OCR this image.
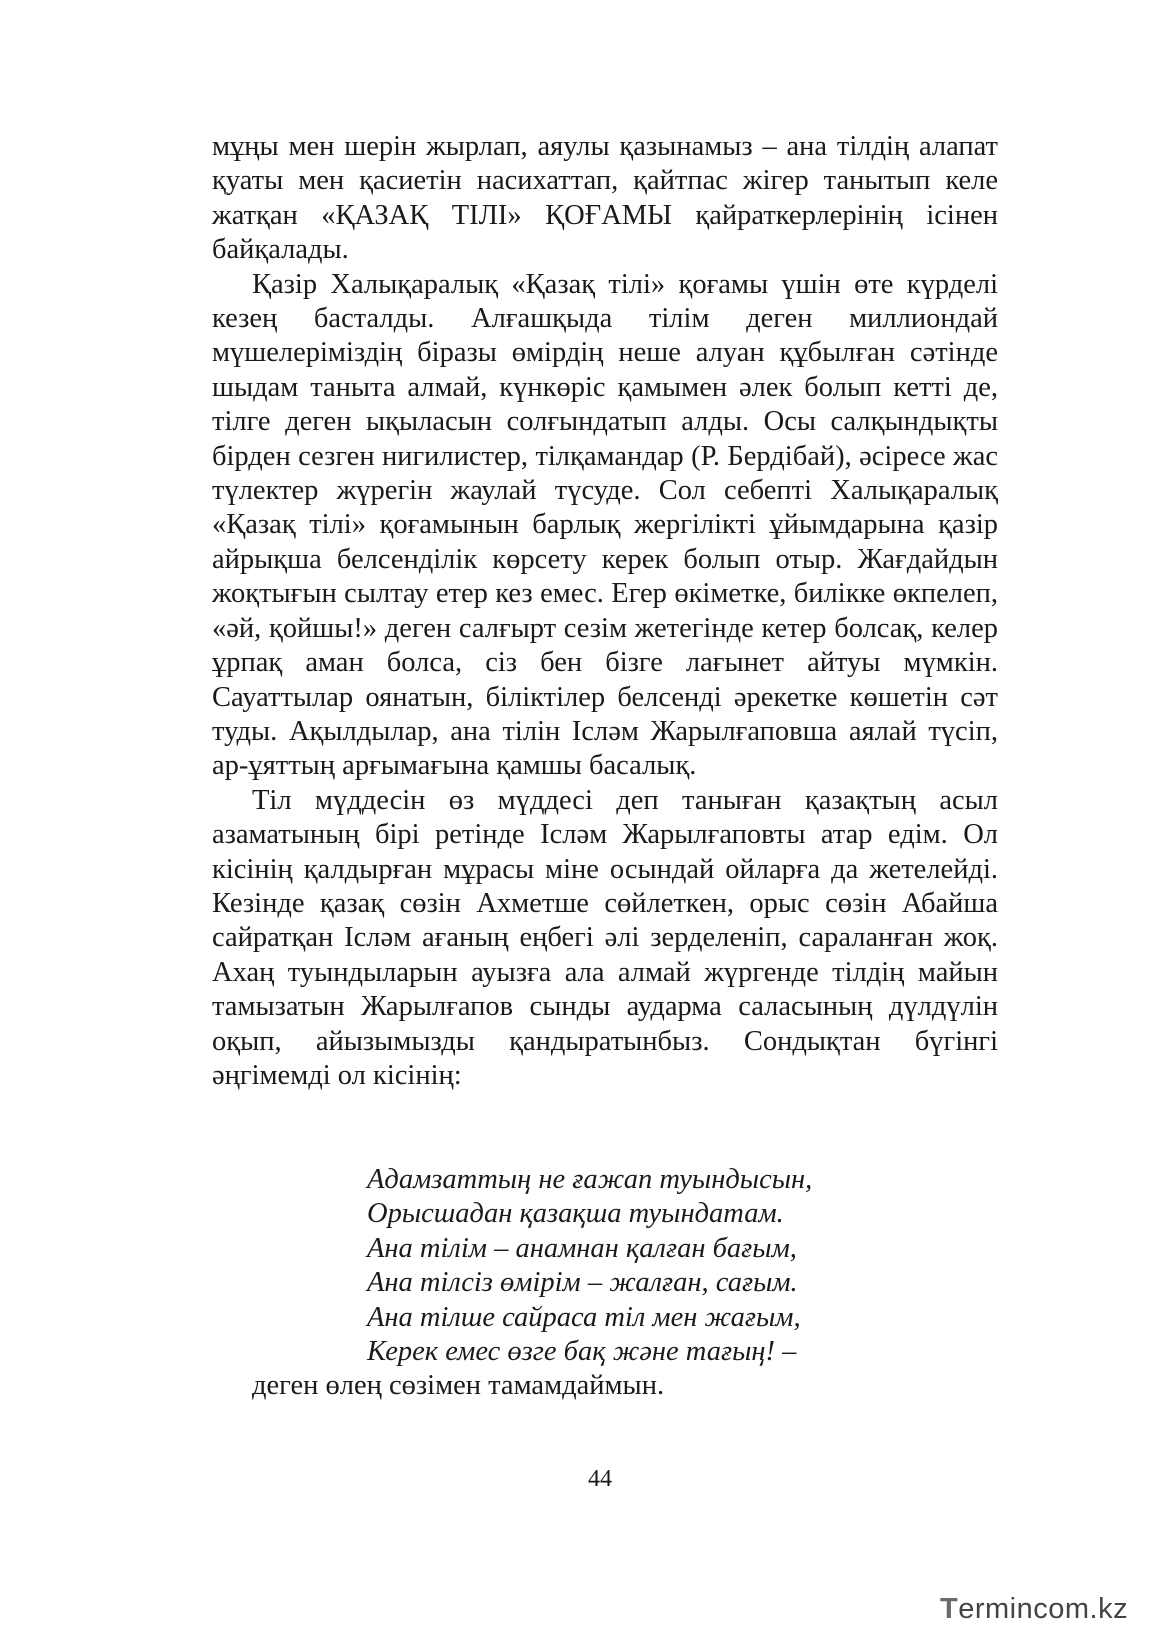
мұңы мен шерін жырлап, аяулы қазынамыз – ана тілдің алапат қуаты мен қасиетін насихаттап, қайтпас жігер танытып келе жатқан «ҚАЗАҚ ТІЛІ» ҚОҒАМЫ қайраткерлерінің ісінен байқалады.

Қазір Халықаралық «Қазақ тілі» қоғамы үшін өте күрделі кезең басталды. Алғашқыда тілім деген миллиондай мүшелеріміздің біразы өмірдің неше алуан құбылған сәтінде шыдам таныта алмай, күнкөріс қамымен әлек болып кетті де, тілге деген ықыласын солғындатып алды. Осы салқындықты бірден сезген нигилистер, тілқамандар (Р. Бердібай), әсіресе жас түлектер жүрегін жаулай түсуде. Сол себепті Халықаралық «Қазақ тілі» қоғамынын барлық жергілікті ұйымдарына қазір айрықша белсенділік көрсету керек болып отыр. Жағдайдын жоқтығын сылтау етер кез емес. Егер өкіметке, билікке өкпелеп, «әй, қойшы!» деген салғырт сезім жетегінде кетер болсақ, келер ұрпақ аман болса, сіз бен бізге лағынет айтуы мүмкін. Сауаттылар оянатын, біліктілер белсенді әрекетке көшетін сәт туды. Ақылдылар, ана тілін Ісләм Жарылғаповша аялай түсіп, ар-ұяттың арғымағына қамшы басалық.

Тіл мүддесін өз мүддесі деп таныған қазақтың асыл азаматының бірі ретінде Ісләм Жарылғаповты атар едім. Ол кісінің қалдырған мұрасы міне осындай ойларға да жетелейді. Кезінде қазақ сөзін Ахметше сөйлеткен, орыс сөзін Абайша сайратқан Ісләм ағаның еңбегі әлі зерделеніп, сараланған жоқ. Ахаң туындыларын ауызға ала алмай жүргенде тілдің майын тамызатын Жарылғапов сынды аударма саласының дүлдүлін оқып, айызымызды қандыратынбыз. Сондықтан бүгінгі әңгімемді ол кісінің:

Адамзаттың не ғажап туындысын,
Орысшадан қазақша туындатам.
Ана тілім – анамнан қалған бағым,
Ана тілсіз өмірім – жалған, сағым.
Ана тілше сайраса тіл мен жағым,
Керек емес өзге бақ және тағың! –
деген өлең сөзімен тамамдаймын.
44
Termincom.kz
